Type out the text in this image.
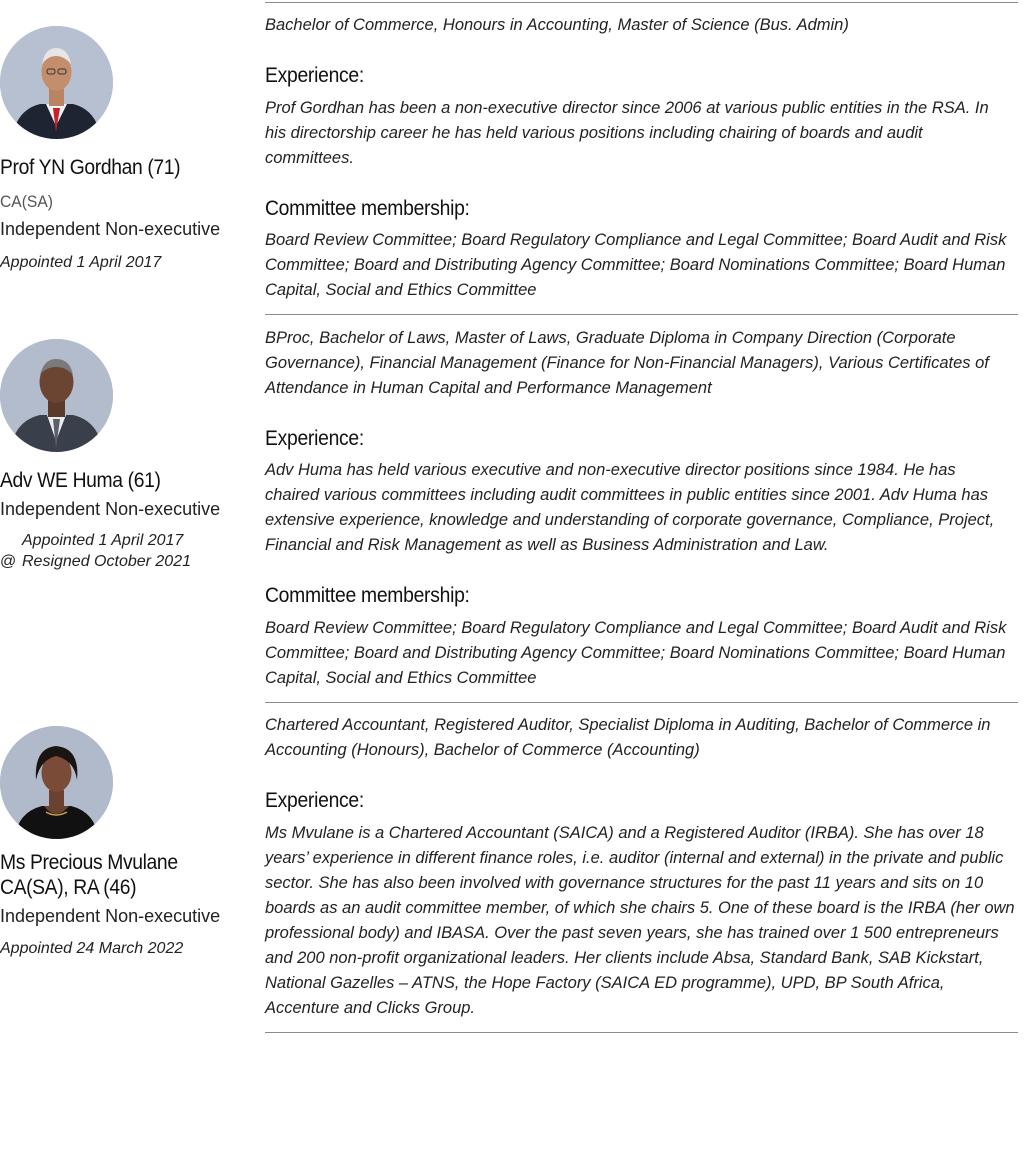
Prof YN Gordhan (71)
CA(SA)
Independent Non-executive
Appointed 1 April 2017

Bachelor of Commerce, Honours in Accounting, Master of Science (Bus. Admin)

Experience:

Prof Gordhan has been a non-executive director since 2006 at various public entities in the RSA. In his directorship career he has held various positions including chairing of boards and audit committees.

Committee membership:

Board Review Committee; Board Regulatory Compliance and Legal Committee; Board Audit and Risk Committee; Board and Distributing Agency Committee; Board Nominations Committee; Board Human Capital, Social and Ethics Committee

Adv WE Huma (61)
Independent Non-executive
Appointed 1 April 2017
@ Resigned October 2021

BProc, Bachelor of Laws, Master of Laws, Graduate Diploma in Company Direction (Corporate Governance), Financial Management (Finance for Non-Financial Managers), Various Certificates of Attendance in Human Capital and Performance Management

Experience:

Adv Huma has held various executive and non-executive director positions since 1984. He has chaired various committees including audit committees in public entities since 2001. Adv Huma has extensive experience, knowledge and understanding of corporate governance, Compliance, Project, Financial and Risk Management as well as Business Administration and Law.

Committee membership:

Board Review Committee; Board Regulatory Compliance and Legal Committee; Board Audit and Risk Committee; Board and Distributing Agency Committee; Board Nominations Committee; Board Human Capital, Social and Ethics Committee

Ms Precious Mvulane
CA(SA), RA (46)
Independent Non-executive
Appointed 24 March 2022

Chartered Accountant, Registered Auditor, Specialist Diploma in Auditing, Bachelor of Commerce in Accounting (Honours), Bachelor of Commerce (Accounting)

Experience:

Ms Mvulane is a Chartered Accountant (SAICA) and a Registered Auditor (IRBA). She has over 18 years’ experience in different finance roles, i.e. auditor (internal and external) in the private and public sector. She has also been involved with governance structures for the past 11 years and sits on 10 boards as an audit committee member, of which she chairs 5. One of these board is the IRBA (her own professional body) and IBASA. Over the past seven years, she has trained over 1 500 entrepreneurs and 200 non-profit organizational leaders. Her clients include Absa, Standard Bank, SAB Kickstart, National Gazelles – ATNS, the Hope Factory (SAICA ED programme), UPD, BP South Africa, Accenture and Clicks Group.
